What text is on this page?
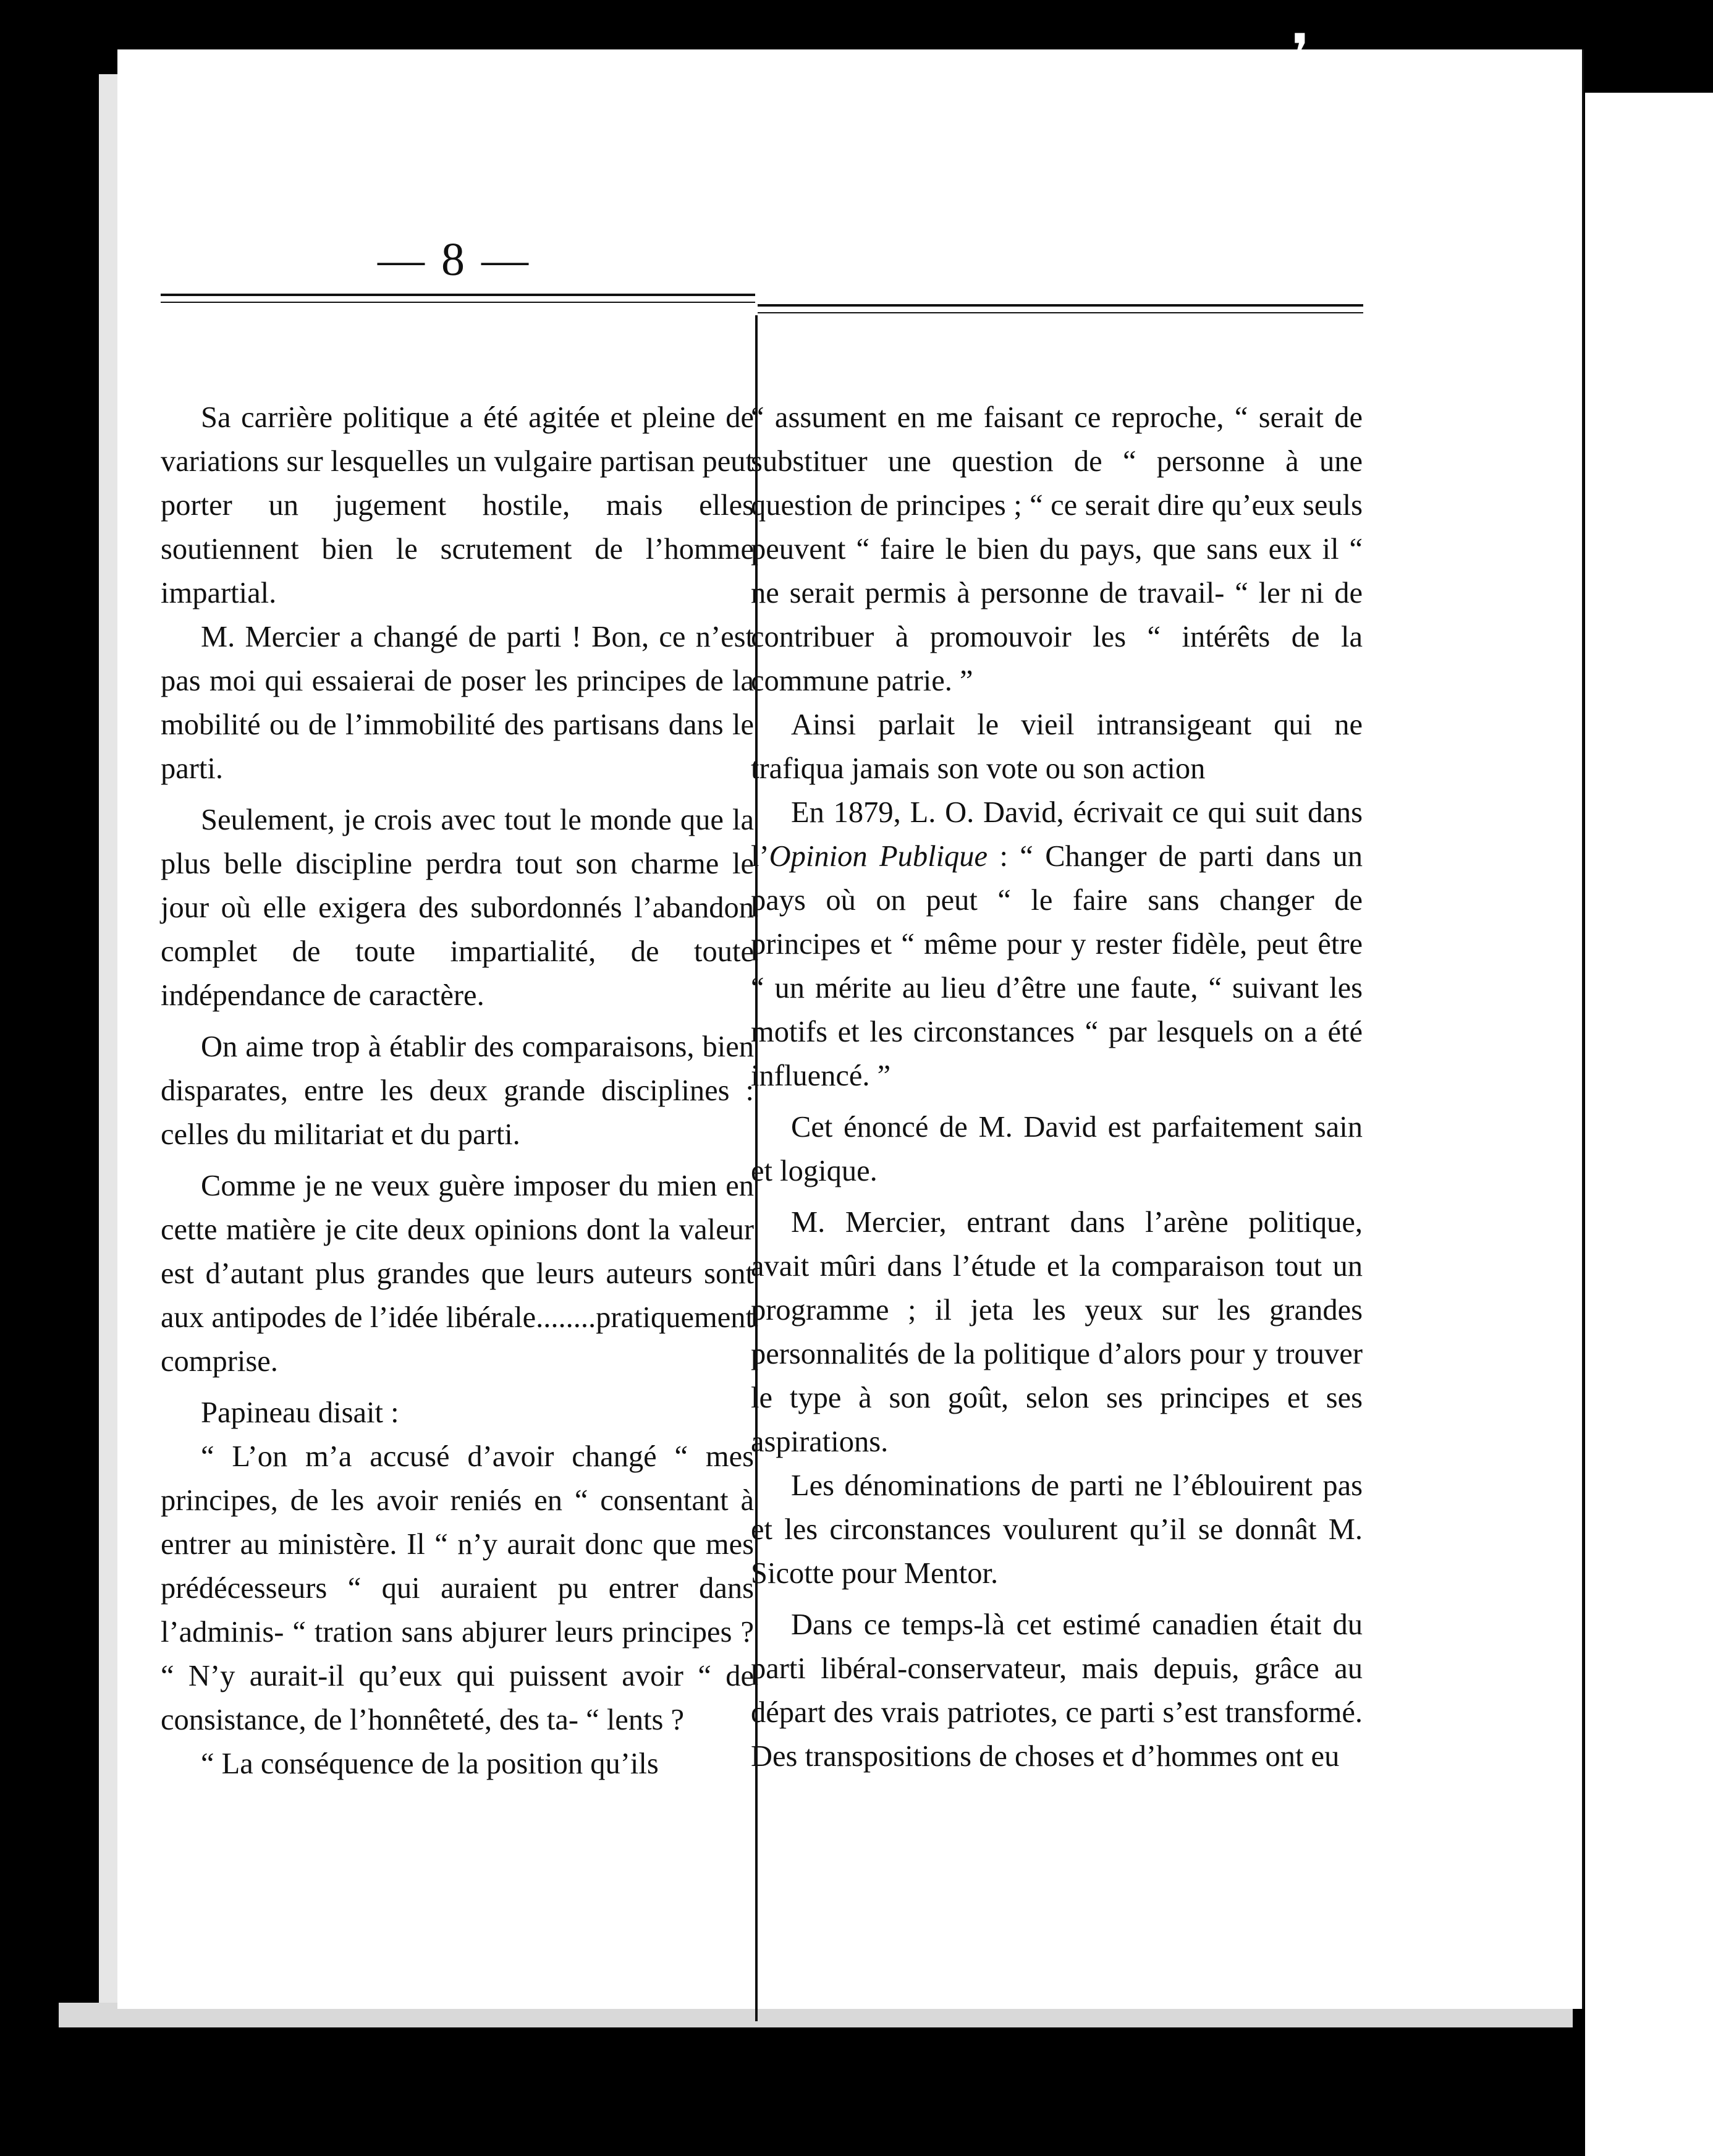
— 8 —

Sa carrière politique a été agitée et pleine de variations sur lesquelles un vulgaire partisan peut porter un jugement hostile, mais elles soutiennent bien le scrutement de l’homme impartial.

M. Mercier a changé de parti ! Bon, ce n’est pas moi qui essaierai de poser les principes de la mobilité ou de l’immobilité des partisans dans le parti.

Seulement, je crois avec tout le monde que la plus belle discipline perdra tout son charme le jour où elle exigera des subordonnés l’abandon complet de toute impartialité, de toute indépendance de caractère.

On aime trop à établir des comparaisons, bien disparates, entre les deux grande disciplines : celles du militariat et du parti.

Comme je ne veux guère imposer du mien en cette matière je cite deux opinions dont la valeur est d’autant plus grandes que leurs auteurs sont aux antipodes de l’idée libérale........pratiquement comprise.

Papineau disait :

“ L’on m’a accusé d’avoir changé “ mes principes, de les avoir reniés en “ consentant à entrer au ministère. Il “ n’y aurait donc que mes prédécesseurs “ qui auraient pu entrer dans l’adminis- “ tration sans abjurer leurs principes ? “ N’y aurait-il qu’eux qui puissent avoir “ de consistance, de l’honnêteté, des ta- “ lents ?

“ La conséquence de la position qu’ils

“ assument en me faisant ce reproche, “ serait de substituer une question de “ personne à une question de principes ; “ ce serait dire qu’eux seuls peuvent “ faire le bien du pays, que sans eux il “ ne serait permis à personne de travail- “ ler ni de contribuer à promouvoir les “ intérêts de la commune patrie. ”

Ainsi parlait le vieil intransigeant qui ne trafiqua jamais son vote ou son action

En 1879, L. O. David, écrivait ce qui suit dans l’Opinion Publique : “ Changer de parti dans un pays où on peut “ le faire sans changer de principes et “ même pour y rester fidèle, peut être “ un mérite au lieu d’être une faute, “ suivant les motifs et les circonstances “ par lesquels on a été influencé. ”

Cet énoncé de M. David est parfaitement sain et logique.

M. Mercier, entrant dans l’arène politique, avait mûri dans l’étude et la comparaison tout un programme ; il jeta les yeux sur les grandes personnalités de la politique d’alors pour y trouver le type à son goût, selon ses principes et ses aspirations.

Les dénominations de parti ne l’éblouirent pas et les circonstances voulurent qu’il se donnât M. Sicotte pour Mentor.

Dans ce temps-là cet estimé canadien était du parti libéral-conservateur, mais depuis, grâce au départ des vrais patriotes, ce parti s’est transformé. Des transpositions de choses et d’hommes ont eu
